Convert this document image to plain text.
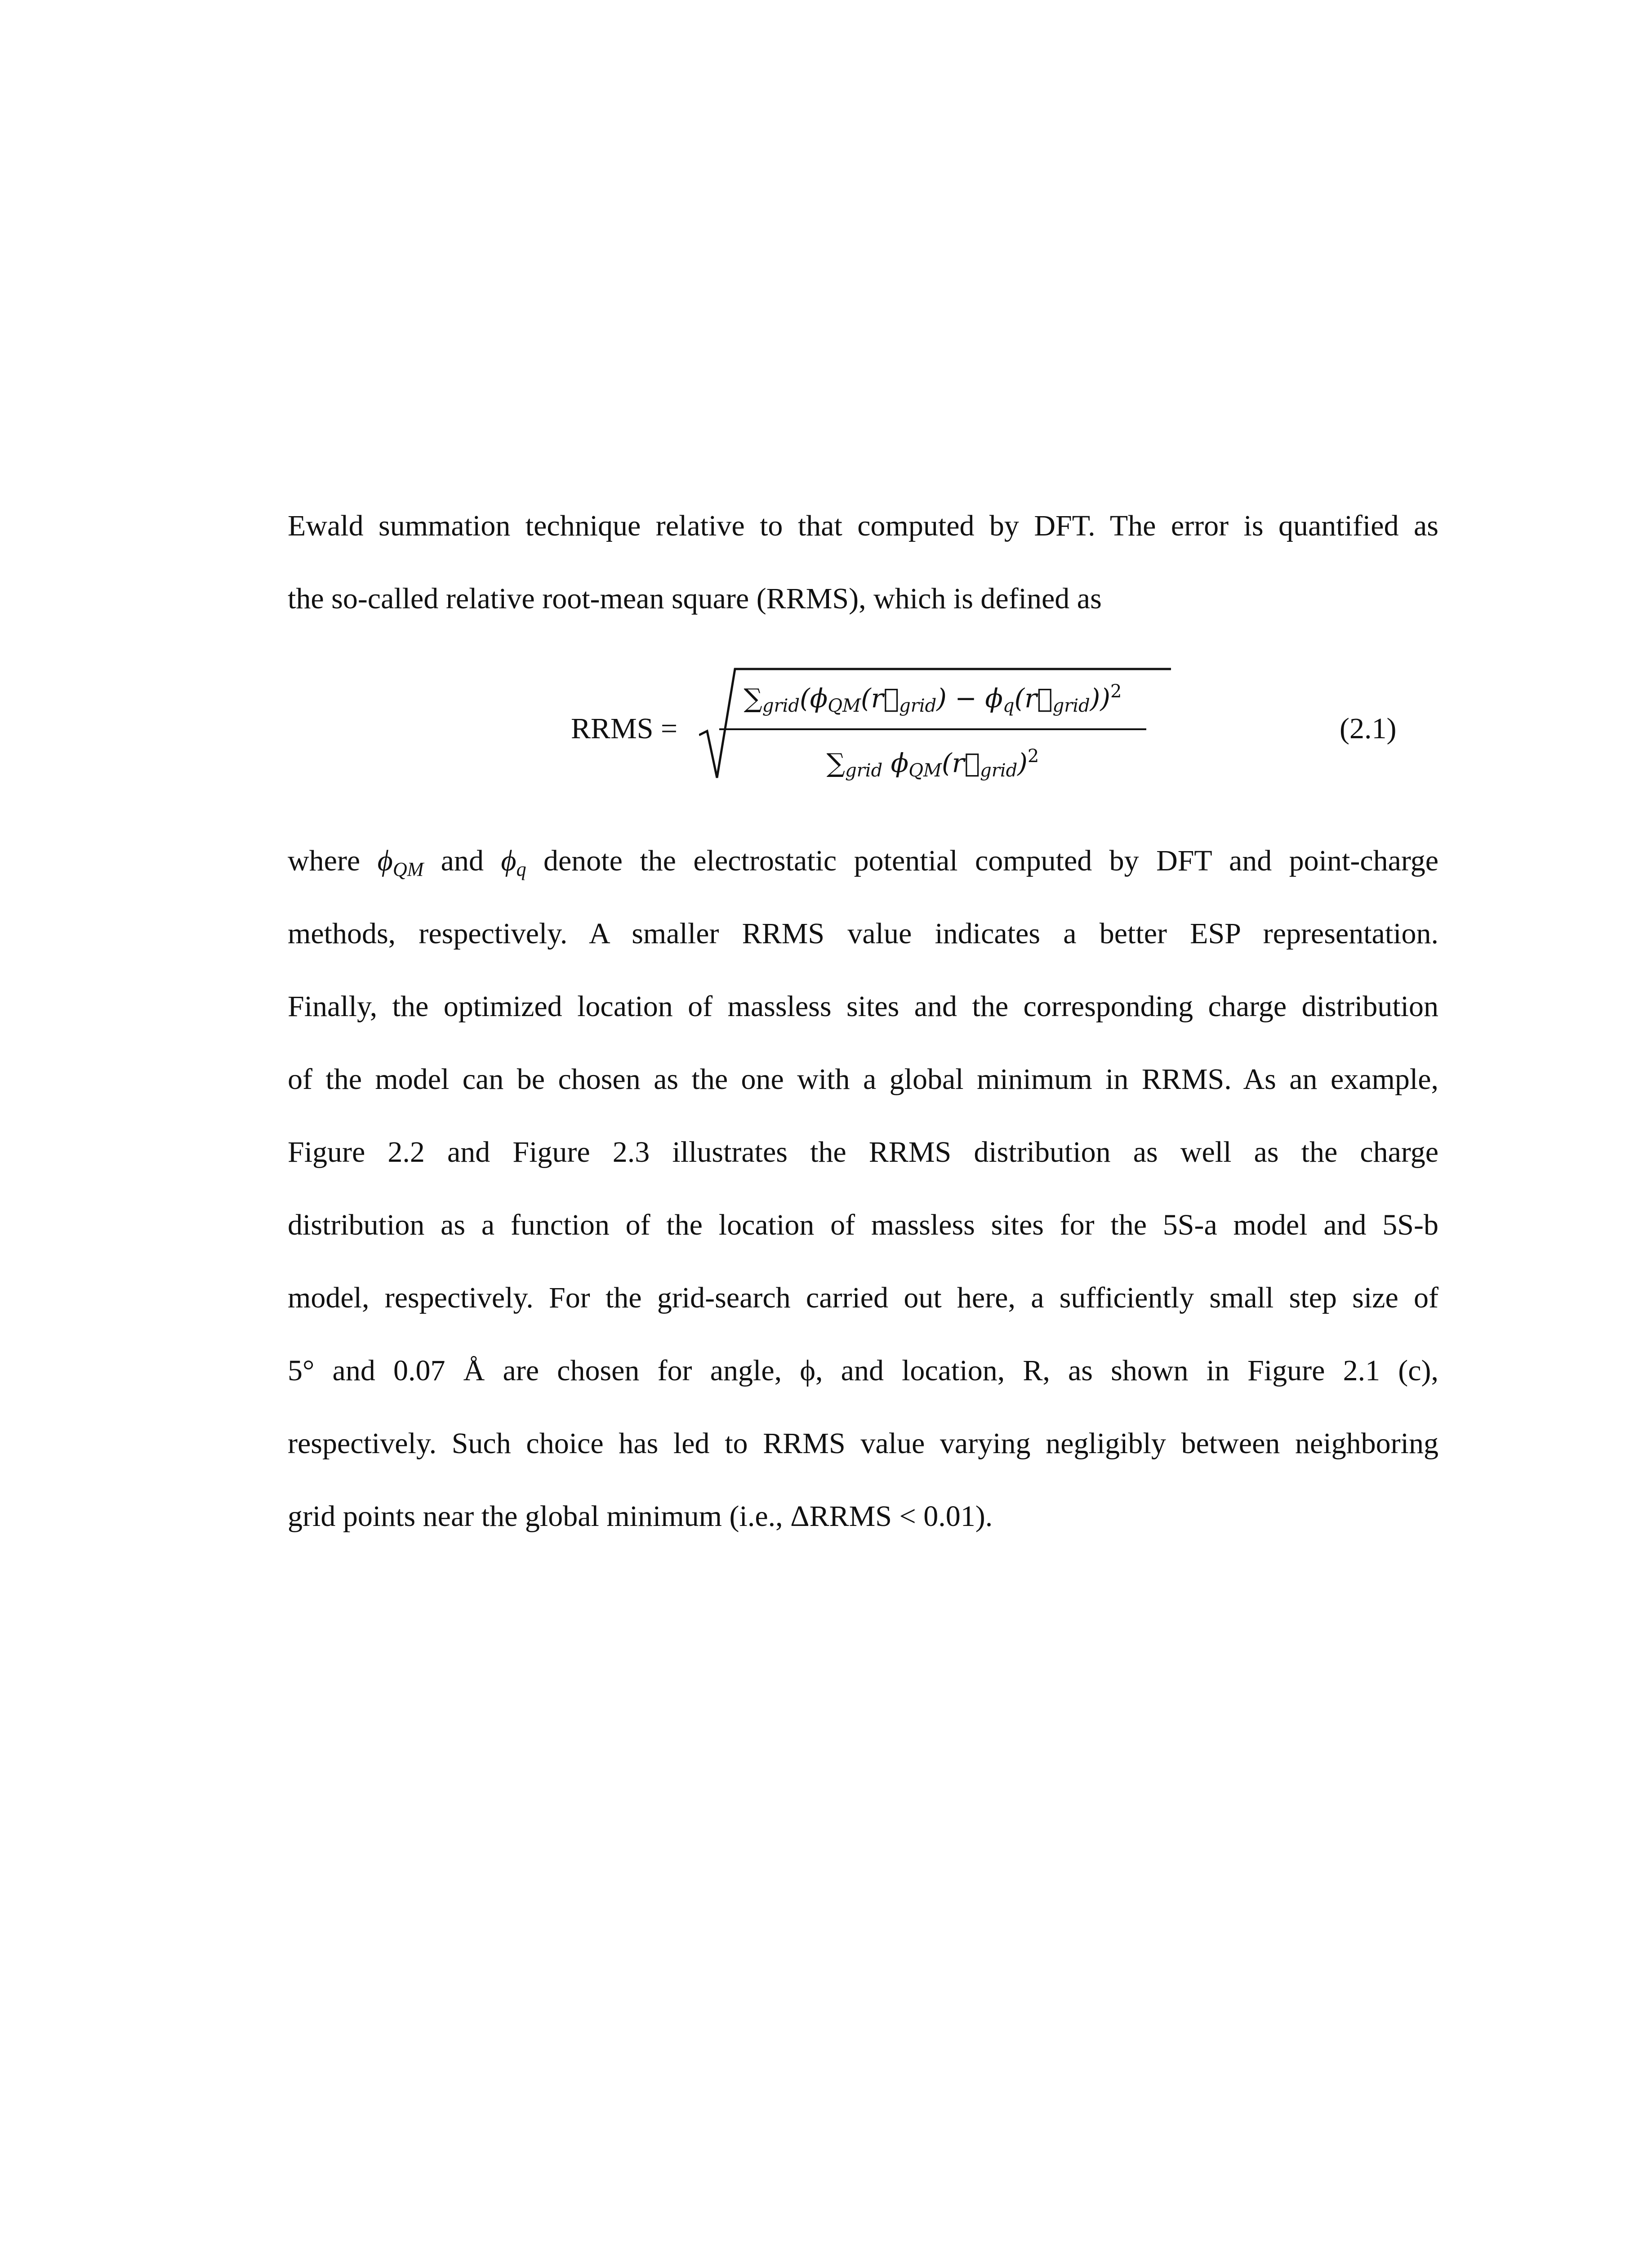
Ewald summation technique relative to that computed by DFT. The error is quantified as
the so-called relative root-mean square (RRMS), which is defined as
RRMS =
$\sum_{grid}(\phi_{QM}(r⃗_{grid})$ − $\phi_q(r⃗_{grid}))^2$
$\sum_{grid}$ $\phi_{QM}(r⃗_{grid})^2$
(2.1)
where $\phi_{QM}$ and $\phi_q$ denote the electrostatic potential computed by DFT and point-charge
methods, respectively. A smaller RRMS value indicates a better ESP representation.
Finally, the optimized location of massless sites and the corresponding charge distribution
of the model can be chosen as the one with a global minimum in RRMS. As an example,
Figure 2.2 and Figure 2.3 illustrates the RRMS distribution as well as the charge
distribution as a function of the location of massless sites for the 5S-a model and 5S-b
model, respectively. For the grid-search carried out here, a sufficiently small step size of
5° and 0.07 Å are chosen for angle, ϕ, and location, R, as shown in Figure 2.1 (c),
respectively. Such choice has led to RRMS value varying negligibly between neighboring
grid points near the global minimum (i.e., ΔRRMS < 0.01).
